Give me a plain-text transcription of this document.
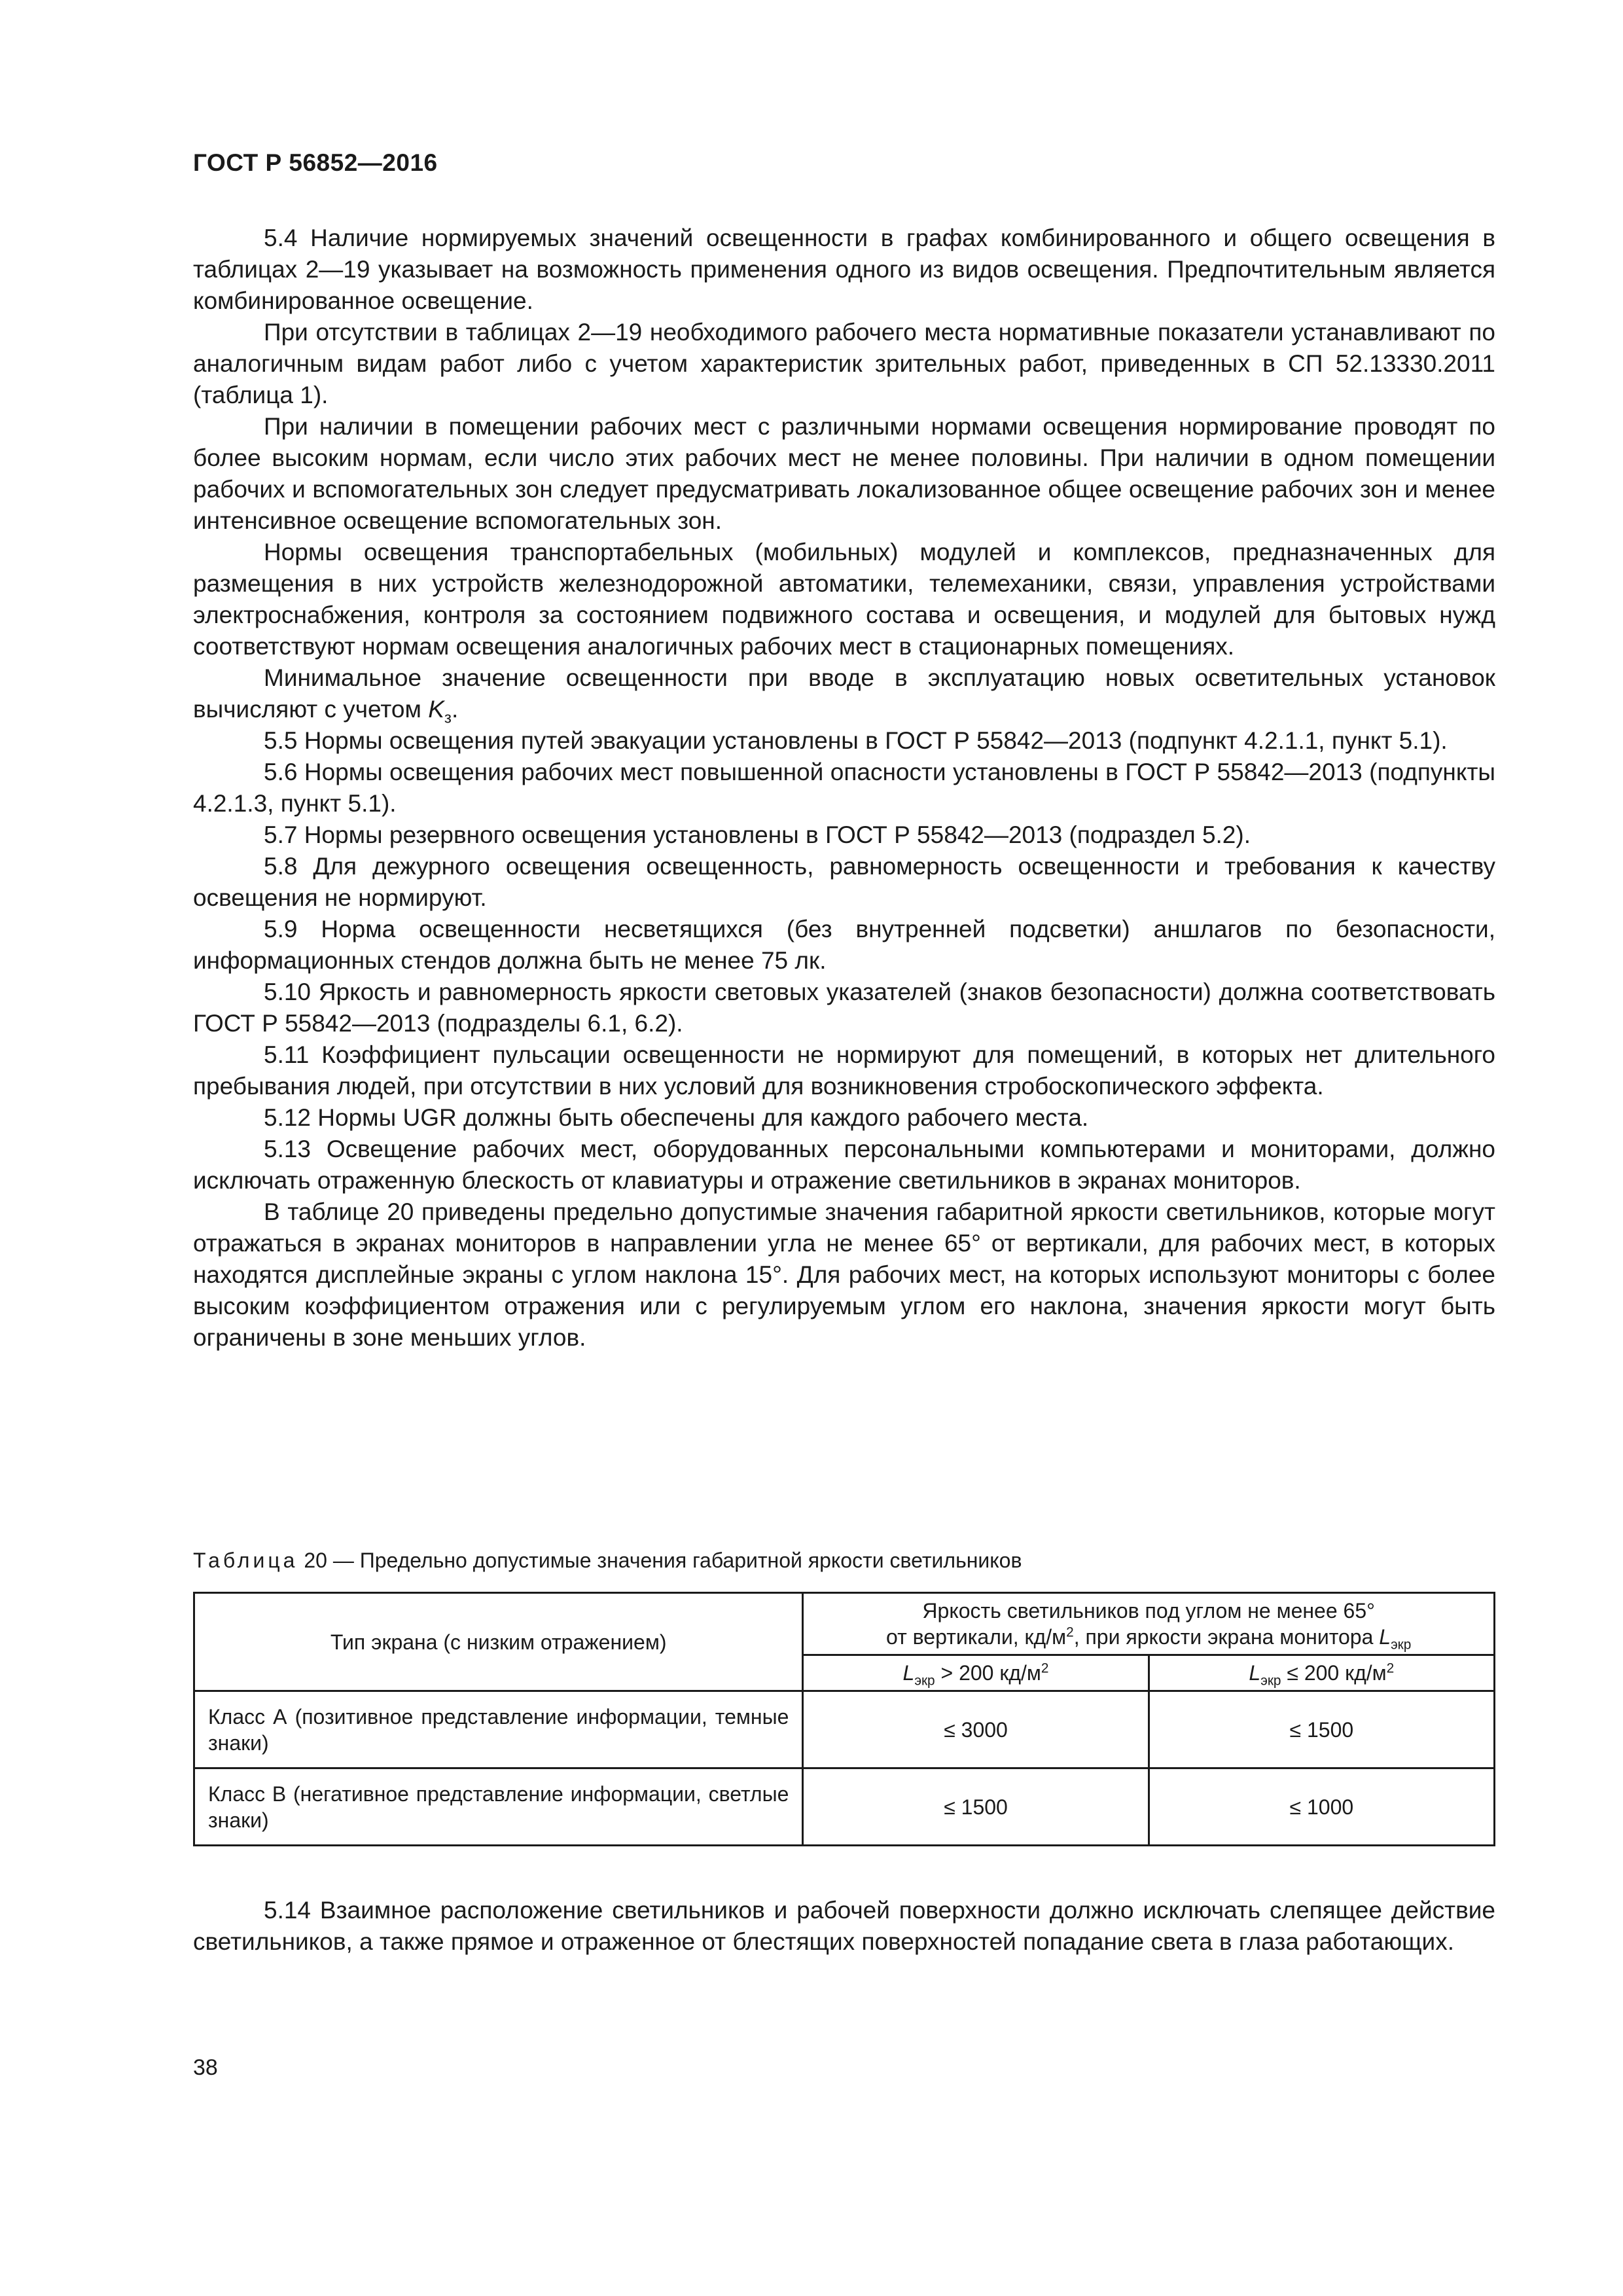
ГОСТ Р 56852—2016

5.4 Наличие нормируемых значений освещенности в графах комбинированного и общего освещения в таблицах 2—19 указывает на возможность применения одного из видов освещения. Предпочтительным является комбинированное освещение.

При отсутствии в таблицах 2—19 необходимого рабочего места нормативные показатели устанавливают по аналогичным видам работ либо с учетом характеристик зрительных работ, приведенных в СП 52.13330.2011 (таблица 1).

При наличии в помещении рабочих мест с различными нормами освещения нормирование проводят по более высоким нормам, если число этих рабочих мест не менее половины. При наличии в одном помещении рабочих и вспомогательных зон следует предусматривать локализованное общее освещение рабочих зон и менее интенсивное освещение вспомогательных зон.

Нормы освещения транспортабельных (мобильных) модулей и комплексов, предназначенных для размещения в них устройств железнодорожной автоматики, телемеханики, связи, управления устройствами электроснабжения, контроля за состоянием подвижного состава и освещения, и модулей для бытовых нужд соответствуют нормам освещения аналогичных рабочих мест в стационарных помещениях.

Минимальное значение освещенности при вводе в эксплуатацию новых осветительных установок вычисляют с учетом $K_з$.

5.5 Нормы освещения путей эвакуации установлены в ГОСТ Р 55842—2013 (подпункт 4.2.1.1, пункт 5.1).

5.6 Нормы освещения рабочих мест повышенной опасности установлены в ГОСТ Р 55842—2013 (подпункты 4.2.1.3, пункт 5.1).

5.7 Нормы резервного освещения установлены в ГОСТ Р 55842—2013 (подраздел 5.2).

5.8 Для дежурного освещения освещенность, равномерность освещенности и требования к качеству освещения не нормируют.

5.9 Норма освещенности несветящихся (без внутренней подсветки) аншлагов по безопасности, информационных стендов должна быть не менее 75 лк.

5.10 Яркость и равномерность яркости световых указателей (знаков безопасности) должна соответствовать ГОСТ Р 55842—2013 (подразделы 6.1, 6.2).

5.11 Коэффициент пульсации освещенности не нормируют для помещений, в которых нет длительного пребывания людей, при отсутствии в них условий для возникновения стробоскопического эффекта.

5.12 Нормы UGR должны быть обеспечены для каждого рабочего места.

5.13 Освещение рабочих мест, оборудованных персональными компьютерами и мониторами, должно исключать отраженную блескость от клавиатуры и отражение светильников в экранах мониторов.

В таблице 20 приведены предельно допустимые значения габаритной яркости светильников, которые могут отражаться в экранах мониторов в направлении угла не менее 65° от вертикали, для рабочих мест, в которых находятся дисплейные экраны с углом наклона 15°. Для рабочих мест, на которых используют мониторы с более высоким коэффициентом отражения или с регулируемым углом его наклона, значения яркости могут быть ограничены в зоне меньших углов.

Таблица 20 — Предельно допустимые значения габаритной яркости светильников
Тип экрана (с низким отражением)	Яркость светильников под углом не менее 65°
от вертикали, $кд/м^2$, при яркости экрана монитора $L_{экр}$
	$L_{экр} > 200$ $кд/м^2$	$L_{экр} \le 200$ $кд/м^2$
Класс А (позитивное представление информации, темные знаки)	≤ 3000	≤ 1500
Класс В (негативное представление информации, светлые знаки)	≤ 1500	≤ 1000

5.14 Взаимное расположение светильников и рабочей поверхности должно исключать слепящее действие светильников, а также прямое и отраженное от блестящих поверхностей попадание света в глаза работающих.

38
